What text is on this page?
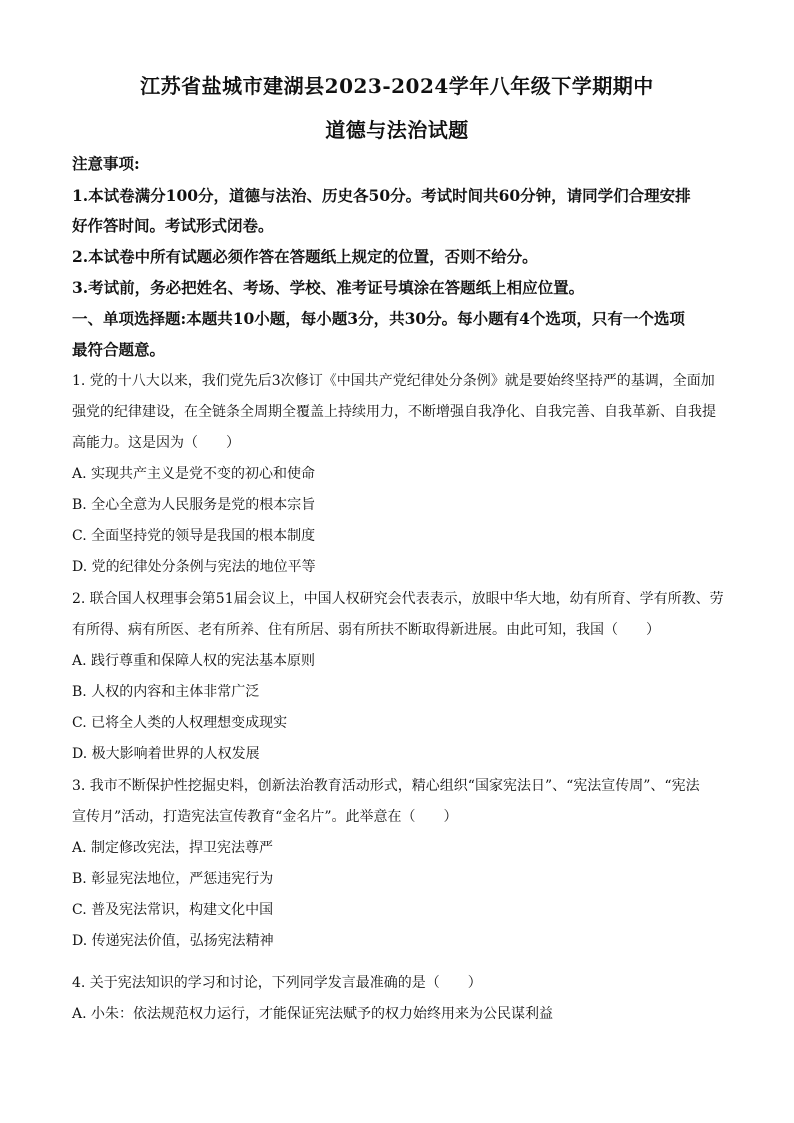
江苏省盐城市建湖县2023-2024学年八年级下学期期中
道德与法治试题
注意事项:
1.本试卷满分100分，道德与法治、历史各50分。考试时间共60分钟，请同学们合理安排
好作答时间。考试形式闭卷。
2.本试卷中所有试题必须作答在答题纸上规定的位置，否则不给分。
3.考试前，务必把姓名、考场、学校、准考证号填涂在答题纸上相应位置。
一、单项选择题:本题共10小题，每小题3分，共30分。每小题有4个选项，只有一个选项
最符合题意。
1. 党的十八大以来，我们党先后3次修订《中国共产党纪律处分条例》就是要始终坚持严的基调，全面加
强党的纪律建设，在全链条全周期全覆盖上持续用力，不断增强自我净化、自我完善、自我革新、自我提
高能力。这是因为（　　）
A. 实现共产主义是党不变的初心和使命
B. 全心全意为人民服务是党的根本宗旨
C. 全面坚持党的领导是我国的根本制度
D. 党的纪律处分条例与宪法的地位平等
2. 联合国人权理事会第51届会议上，中国人权研究会代表表示，放眼中华大地，幼有所育、学有所教、劳
有所得、病有所医、老有所养、住有所居、弱有所扶不断取得新进展。由此可知，我国（　　）
A. 践行尊重和保障人权的宪法基本原则
B. 人权的内容和主体非常广泛
C. 已将全人类的人权理想变成现实
D. 极大影响着世界的人权发展
3. 我市不断保护性挖掘史料，创新法治教育活动形式，精心组织“国家宪法日”、“宪法宣传周”、“宪法
宣传月”活动，打造宪法宣传教育“金名片”。此举意在（　　）
A. 制定修改宪法，捍卫宪法尊严
B. 彰显宪法地位，严惩违宪行为
C. 普及宪法常识，构建文化中国
D. 传递宪法价值，弘扬宪法精神
4. 关于宪法知识的学习和讨论，下列同学发言最准确的是（　　）
A. 小朱：依法规范权力运行，才能保证宪法赋予的权力始终用来为公民谋利益
